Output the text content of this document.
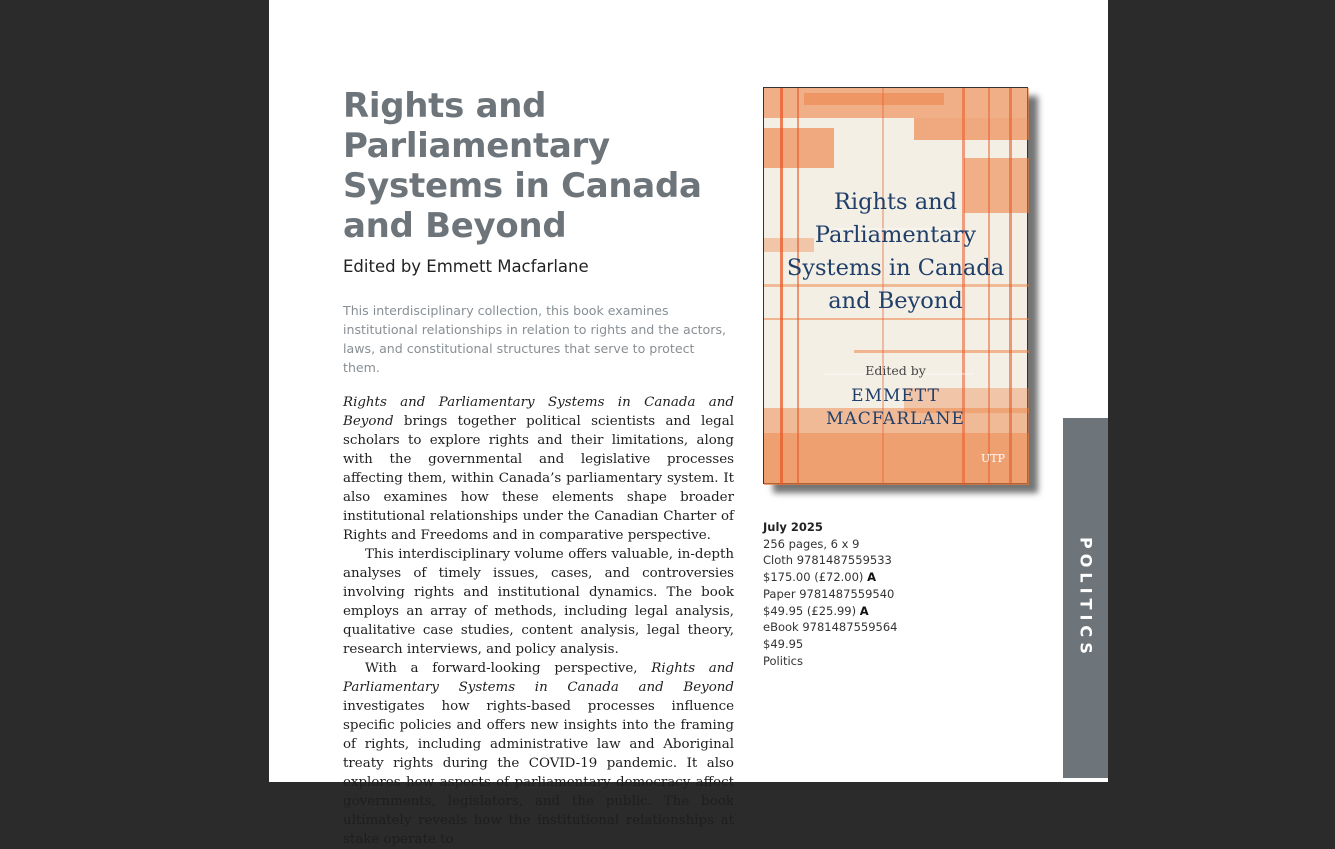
Rights and Parliamentary Systems in Canada and Beyond
Edited by Emmett Macfarlane
This interdisciplinary collection, this book examines institutional relationships in relation to rights and the actors, laws, and constitutional structures that serve to protect them.

Rights and Parliamentary Systems in Canada and Beyond brings together political scientists and legal scholars to explore rights and their limitations, along with the governmental and legislative processes affecting them, within Canada’s parliamentary system. It also examines how these elements shape broader institutional relationships under the Canadian Charter of Rights and Freedoms and in comparative perspective.

This interdisciplinary volume offers valuable, in-depth analyses of timely issues, cases, and controversies involving rights and institutional dynamics. The book employs an array of methods, including legal analysis, qualitative case studies, content analysis, legal theory, research interviews, and policy analysis.

With a forward-looking perspective, Rights and Parliamentary Systems in Canada and Beyond investigates how rights-based processes influence specific policies and offers new insights into the framing of rights, including administrative law and Aboriginal treaty rights during the COVID-19 pandemic. It also explores how aspects of parliamentary democracy affect governments, legislators, and the public. The book ultimately reveals how the institutional relationships at stake operate to

Rights and
Parliamentary
Systems in Canada
and Beyond
Edited by
EMMETT
MACFARLANE
UTP
July 2025
256 pages, 6 x 9
Cloth 9781487559533
$175.00 (£72.00) A
Paper 9781487559540
$49.95 (£25.99) A
eBook 9781487559564
$49.95
Politics
POLITICS
